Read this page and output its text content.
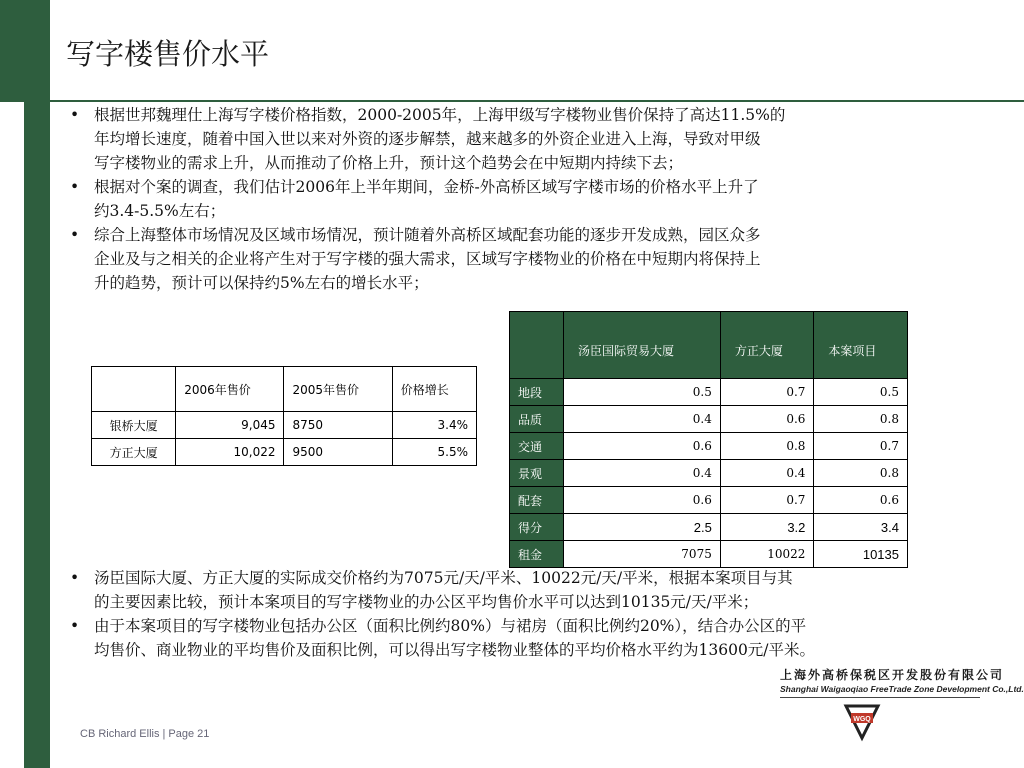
写字楼售价水平
• 根据世邦魏理仕上海写字楼价格指数，2000-2005年，上海甲级写字楼物业售价保持了高达11.5%的
年均增长速度，随着中国入世以来对外资的逐步解禁，越来越多的外资企业进入上海，导致对甲级
写字楼物业的需求上升，从而推动了价格上升，预计这个趋势会在中短期内持续下去；
• 根据对个案的调查，我们估计2006年上半年期间，金桥-外高桥区域写字楼市场的价格水平上升了
约3.4-5.5%左右；
• 综合上海整体市场情况及区域市场情况，预计随着外高桥区域配套功能的逐步开发成熟，园区众多
企业及与之相关的企业将产生对于写字楼的强大需求，区域写字楼物业的价格在中短期内将保持上
升的趋势，预计可以保持约5%左右的增长水平；
	2006年售价	2005年售价	价格增长
银桥大厦	9,045	8750	3.4%
方正大厦	10,022	9500	5.5%
	汤臣国际贸易大厦	方正大厦	本案项目
地段	0.5	0.7	0.5
品质	0.4	0.6	0.8
交通	0.6	0.8	0.7
景观	0.4	0.4	0.8
配套	0.6	0.7	0.6
得分	2.5	3.2	3.4
租金	7075	10022	10135
• 汤臣国际大厦、方正大厦的实际成交价格约为7075元/天/平米、10022元/天/平米，根据本案项目与其
的主要因素比较，预计本案项目的写字楼物业的办公区平均售价水平可以达到10135元/天/平米；
• 由于本案项目的写字楼物业包括办公区（面积比例约80%）与裙房（面积比例约20%），结合办公区的平
均售价、商业物业的平均售价及面积比例，可以得出写字楼物业整体的平均价格水平约为13600元/平米。
上海外高桥保税区开发股份有限公司
Shanghai Waigaoqiao FreeTrade Zone Development Co.,Ltd.
WGQ
CB Richard Ellis | Page 21
